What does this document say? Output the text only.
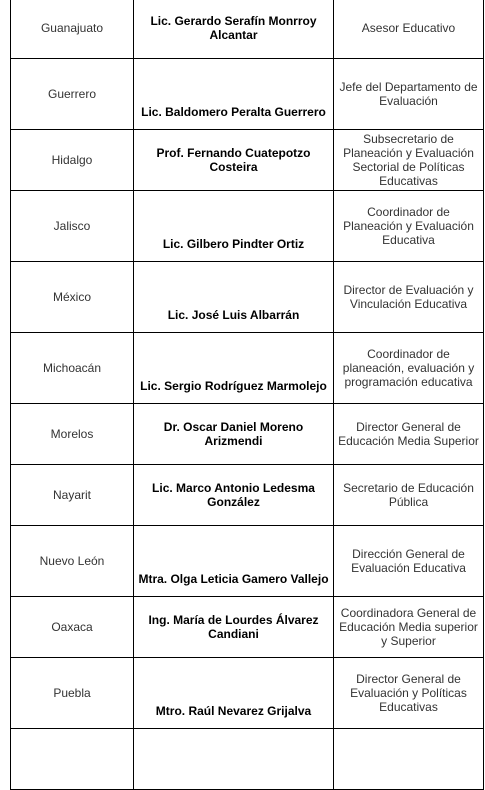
Guanajuato	Lic. Gerardo Serafín Monrroy Alcantar	Asesor Educativo
Guerrero	Lic. Baldomero Peralta Guerrero	Jefe del Departamento de Evaluación
Hidalgo	Prof. Fernando Cuatepotzo Costeira	Subsecretario de Planeación y Evaluación Sectorial de Políticas Educativas
Jalisco	Lic. Gilbero Pindter Ortiz	Coordinador de Planeación y Evaluación Educativa
México	Lic. José Luis Albarrán	Director de Evaluación y Vinculación Educativa
Michoacán	Lic. Sergio Rodríguez Marmolejo	Coordinador de planeación, evaluación y programación educativa
Morelos	Dr. Oscar Daniel Moreno Arizmendi	Director General de Educación Media Superior
Nayarit	Lic. Marco Antonio Ledesma González	Secretario de Educación Pública
Nuevo León	Mtra. Olga Leticia Gamero Vallejo	Dirección General de Evaluación Educativa
Oaxaca	Ing. María de Lourdes Álvarez Candiani	Coordinadora General de Educación Media superior y Superior
Puebla	Mtro. Raúl Nevarez Grijalva	Director General de Evaluación y Políticas Educativas
